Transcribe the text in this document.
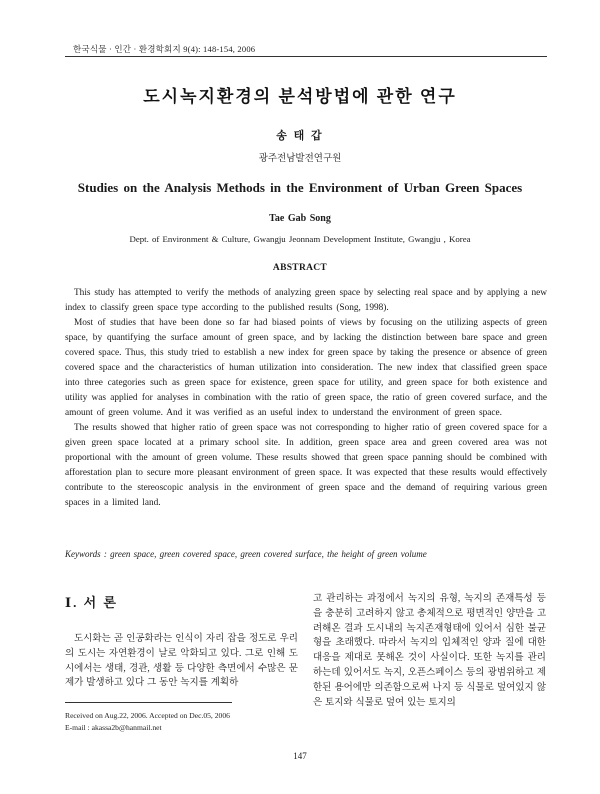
한국식물 · 인간 · 환경학회지 9(4): 148-154, 2006
도시녹지환경의 분석방법에 관한 연구
송 태 갑
광주전남발전연구원
Studies on the Analysis Methods in the Environment of Urban Green Spaces
Tae Gab Song
Dept. of Environment & Culture, Gwangju Jeonnam Development Institute, Gwangju , Korea
ABSTRACT

This study has attempted to verify the methods of analyzing green space by selecting real space and by applying a new index to classify green space type according to the published results (Song, 1998).

Most of studies that have been done so far had biased points of views by focusing on the utilizing aspects of green space, by quantifying the surface amount of green space, and by lacking the distinction between bare space and green covered space. Thus, this study tried to establish a new index for green space by taking the presence or absence of green covered space and the characteristics of human utilization into consideration. The new index that classified green space into three categories such as green space for existence, green space for utility, and green space for both existence and utility was applied for analyses in combination with the ratio of green space, the ratio of green covered surface, and the amount of green volume. And it was verified as an useful index to understand the environment of green space.

The results showed that higher ratio of green space was not corresponding to higher ratio of green covered space for a given green space located at a primary school site. In addition, green space area and green covered area was not proportional with the amount of green volume. These results showed that green space panning should be combined with afforestation plan to secure more pleasant environment of green space. It was expected that these results would effectively contribute to the stereoscopic analysis in the environment of green space and the demand of requiring various green spaces in a limited land.

Keywords : green space, green covered space, green covered surface, the height of green volume
Ⅰ. 서 론

도시화는 곧 인공화라는 인식이 자리 잡을 정도로 우리의 도시는 자연환경이 날로 악화되고 있다. 그로 인해 도시에서는 생태, 경관, 생활 등 다양한 측면에서 수많은 문제가 발생하고 있다 그 동안 녹지를 계획하

고 관리하는 과정에서 녹지의 유형, 녹지의 존재특성 등을 충분히 고려하지 않고 총체적으로 평면적인 양만을 고려해온 결과 도시내의 녹지존재형태에 있어서 심한 불균형을 초래했다. 따라서 녹지의 입체적인 양과 질에 대한 대응을 제대로 못해온 것이 사실이다. 또한 녹지를 관리하는데 있어서도 녹지, 오픈스페이스 등의 광범위하고 제한된 용어에만 의존함으로써 나지 등 식물로 덮여있지 않은 토지와 식물로 덮여 있는 토지의

Received on Aug.22, 2006. Accepted on Dec.05, 2006
E-mail : akassa2b@hanmail.net
147
